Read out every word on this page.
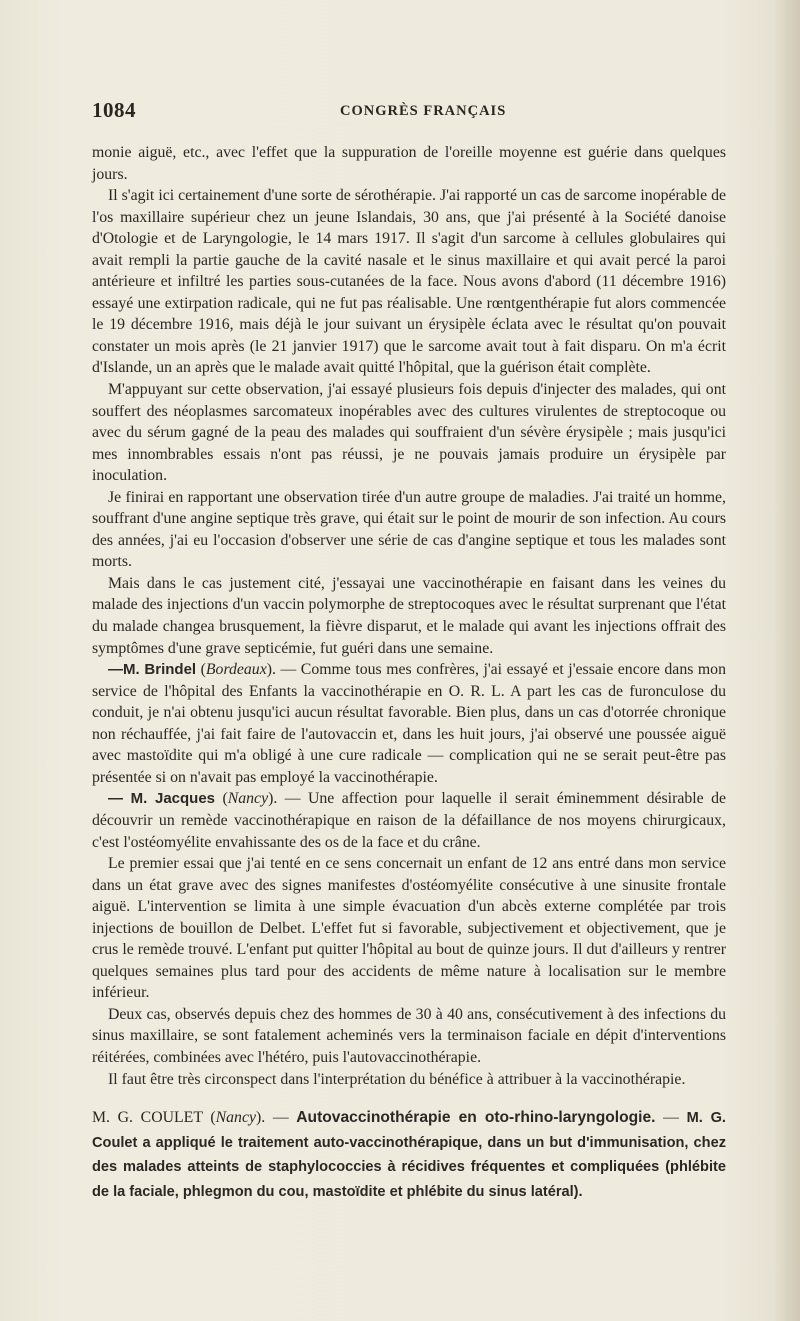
1084	CONGRÈS FRANÇAIS

monie aiguë, etc., avec l'effet que la suppuration de l'oreille moyenne est guérie dans quelques jours.

Il s'agit ici certainement d'une sorte de sérothérapie. J'ai rapporté un cas de sarcome inopérable de l'os maxillaire supérieur chez un jeune Islandais, 30 ans, que j'ai présenté à la Société danoise d'Otologie et de Laryngologie, le 14 mars 1917. Il s'agit d'un sarcome à cellules globulaires qui avait rempli la partie gauche de la cavité nasale et le sinus maxillaire et qui avait percé la paroi antérieure et infiltré les parties sous-cutanées de la face. Nous avons d'abord (11 décembre 1916) essayé une extirpation radicale, qui ne fut pas réalisable. Une rœntgenthérapie fut alors commencée le 19 décembre 1916, mais déjà le jour suivant un érysipèle éclata avec le résultat qu'on pouvait constater un mois après (le 21 janvier 1917) que le sarcome avait tout à fait disparu. On m'a écrit d'Islande, un an après que le malade avait quitté l'hôpital, que la guérison était complète.

M'appuyant sur cette observation, j'ai essayé plusieurs fois depuis d'injecter des malades, qui ont souffert des néoplasmes sarcomateux inopérables avec des cultures virulentes de streptocoque ou avec du sérum gagné de la peau des malades qui souffraient d'un sévère érysipèle ; mais jusqu'ici mes innombrables essais n'ont pas réussi, je ne pouvais jamais produire un érysipèle par inoculation.

Je finirai en rapportant une observation tirée d'un autre groupe de maladies. J'ai traité un homme, souffrant d'une angine septique très grave, qui était sur le point de mourir de son infection. Au cours des années, j'ai eu l'occasion d'observer une série de cas d'angine septique et tous les malades sont morts.

Mais dans le cas justement cité, j'essayai une vaccinothérapie en faisant dans les veines du malade des injections d'un vaccin polymorphe de streptocoques avec le résultat surprenant que l'état du malade changea brusquement, la fièvre disparut, et le malade qui avant les injections offrait des symptômes d'une grave septicémie, fut guéri dans une semaine.

—M. Brindel (Bordeaux). — Comme tous mes confrères, j'ai essayé et j'essaie encore dans mon service de l'hôpital des Enfants la vaccinothérapie en O. R. L. A part les cas de furonculose du conduit, je n'ai obtenu jusqu'ici aucun résultat favorable. Bien plus, dans un cas d'otorrée chronique non réchauffée, j'ai fait faire de l'autovaccin et, dans les huit jours, j'ai observé une poussée aiguë avec mastoïdite qui m'a obligé à une cure radicale — complication qui ne se serait peut-être pas présentée si on n'avait pas employé la vaccinothérapie.

— M. Jacques (Nancy). — Une affection pour laquelle il serait éminemment désirable de découvrir un remède vaccinothérapique en raison de la défaillance de nos moyens chirurgicaux, c'est l'ostéomyélite envahissante des os de la face et du crâne.

Le premier essai que j'ai tenté en ce sens concernait un enfant de 12 ans entré dans mon service dans un état grave avec des signes manifestes d'ostéomyélite consécutive à une sinusite frontale aiguë. L'intervention se limita à une simple évacuation d'un abcès externe complétée par trois injections de bouillon de Delbet. L'effet fut si favorable, subjectivement et objectivement, que je crus le remède trouvé. L'enfant put quitter l'hôpital au bout de quinze jours. Il dut d'ailleurs y rentrer quelques semaines plus tard pour des accidents de même nature à localisation sur le membre inférieur.

Deux cas, observés depuis chez des hommes de 30 à 40 ans, consécutivement à des infections du sinus maxillaire, se sont fatalement acheminés vers la terminaison faciale en dépit d'interventions réitérées, combinées avec l'hétéro, puis l'autovaccinothérapie.

Il faut être très circonspect dans l'interprétation du bénéfice à attribuer à la vaccinothérapie.

M. G. COULET (Nancy). — Autovaccinothérapie en oto-rhino-laryngologie. — M. G. Coulet a appliqué le traitement auto-vaccinothérapique, dans un but d'immunisation, chez des malades atteints de staphylococcies à récidives fréquentes et compliquées (phlébite de la faciale, phlegmon du cou, mastoïdite et phlébite du sinus latéral).
